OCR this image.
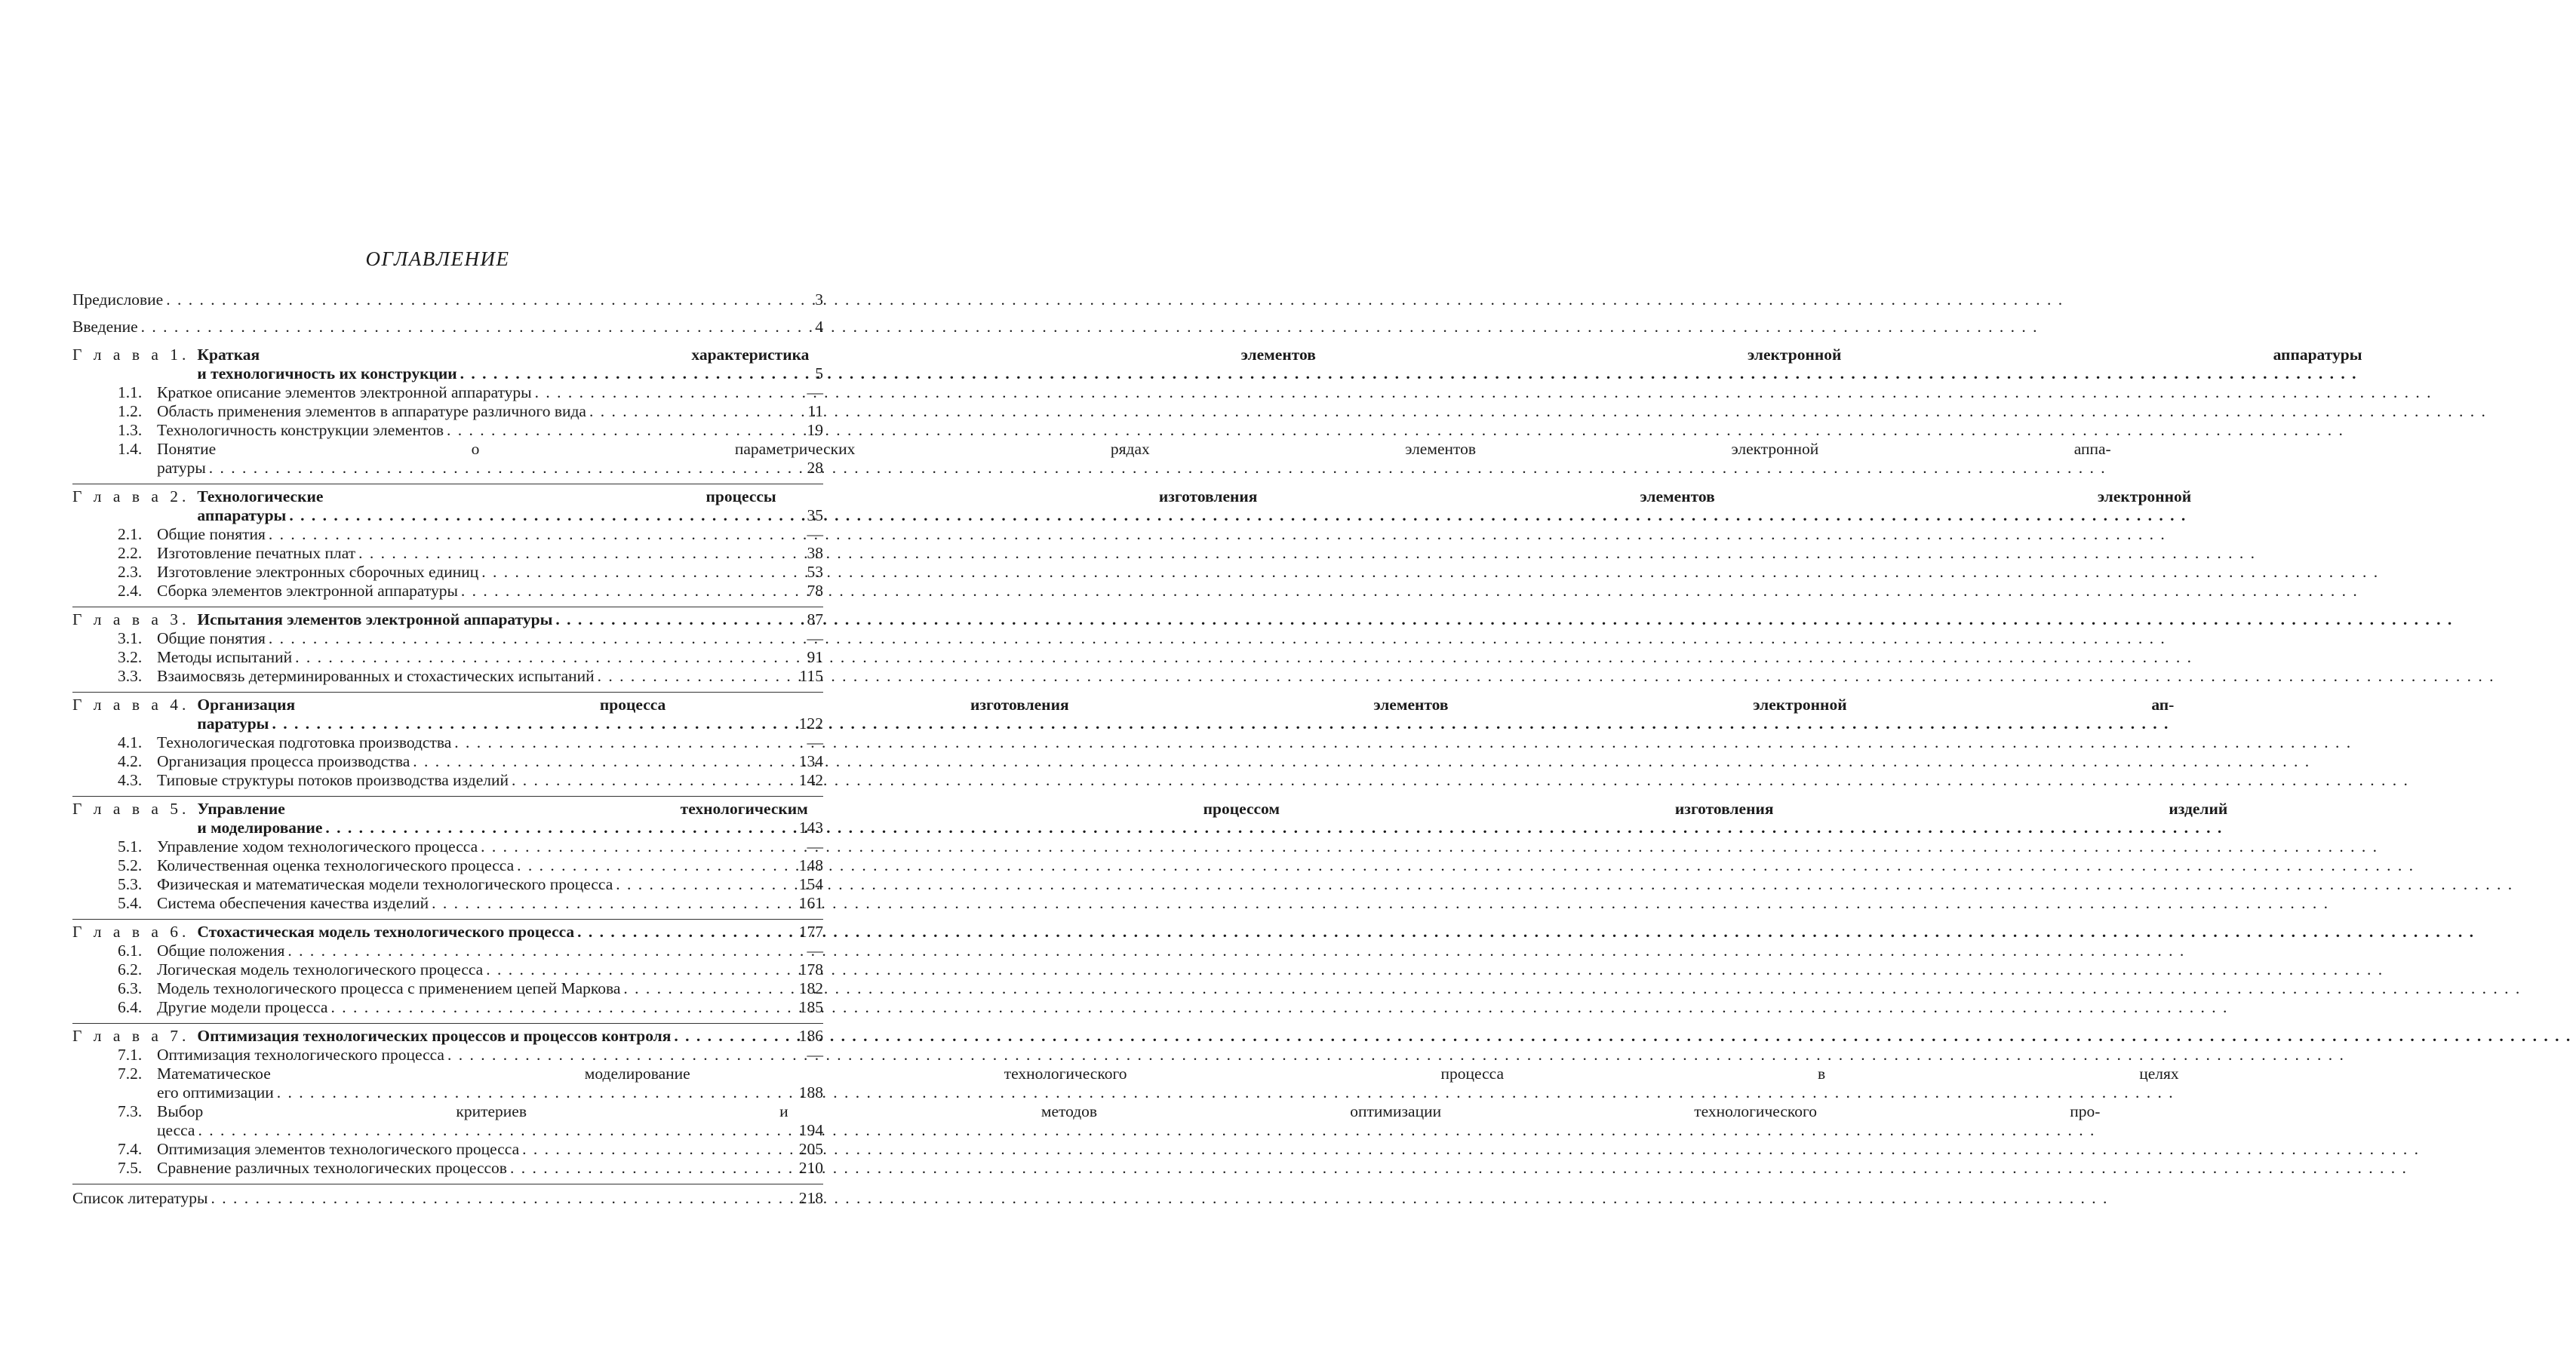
ОГЛАВЛЕНИЕ
Предисловие . . .	3
Введение . . .	4
Г л а в а 1. Краткая характеристика элементов электронной аппаратуры
и технологичность их конструкции . . .	5
1.1. Краткое описание элементов электронной аппаратуры . . .	—
1.2. Область применения элементов в аппаратуре различного вида . . .	11
1.3. Технологичность конструкции элементов . . .	19
1.4. Понятие о параметрических рядах элементов электронной аппа-
ратуры . . .	28
Г л а в а 2. Технологические процессы изготовления элементов электронной
аппаратуры . . .	35
2.1. Общие понятия . . .	—
2.2. Изготовление печатных плат . . .	38
2.3. Изготовление электронных сборочных единиц . . .	53
2.4. Сборка элементов электронной аппаратуры . . .	78
Г л а в а 3. Испытания элементов электронной аппаратуры . . .	87
3.1. Общие понятия . . .	—
3.2. Методы испытаний . . .	91
3.3. Взаимосвязь детерминированных и стохастических испытаний . . .	115
Г л а в а 4. Организация процесса изготовления элементов электронной ап-
паратуры . . .	122
4.1. Технологическая подготовка производства . . .	—
4.2. Организация процесса производства . . .	134
4.3. Типовые структуры потоков производства изделий . . .	142
Г л а в а 5. Управление технологическим процессом изготовления изделий
и моделирование . . .	143
5.1. Управление ходом технологического процесса . . .	—
5.2. Количественная оценка технологического процесса . . .	148
5.3. Физическая и математическая модели технологического процесса . . .	154
5.4. Система обеспечения качества изделий . . .	161
Г л а в а 6. Стохастическая модель технологического процесса . . .	177
6.1. Общие положения . . .	—
6.2. Логическая модель технологического процесса . . .	178
6.3. Модель технологического процесса с применением цепей Маркова . . .	182
6.4. Другие модели процесса . . .	185
Г л а в а 7. Оптимизация технологических процессов и процессов контроля . . .	186
7.1. Оптимизация технологического процесса . . .	—
7.2. Математическое моделирование технологического процесса в целях
его оптимизации . . .	188
7.3. Выбор критериев и методов оптимизации технологического про-
цесса . . .	194
7.4. Оптимизация элементов технологического процесса . . .	205
7.5. Сравнение различных технологических процессов . . .	210
Список литературы . . .	218
